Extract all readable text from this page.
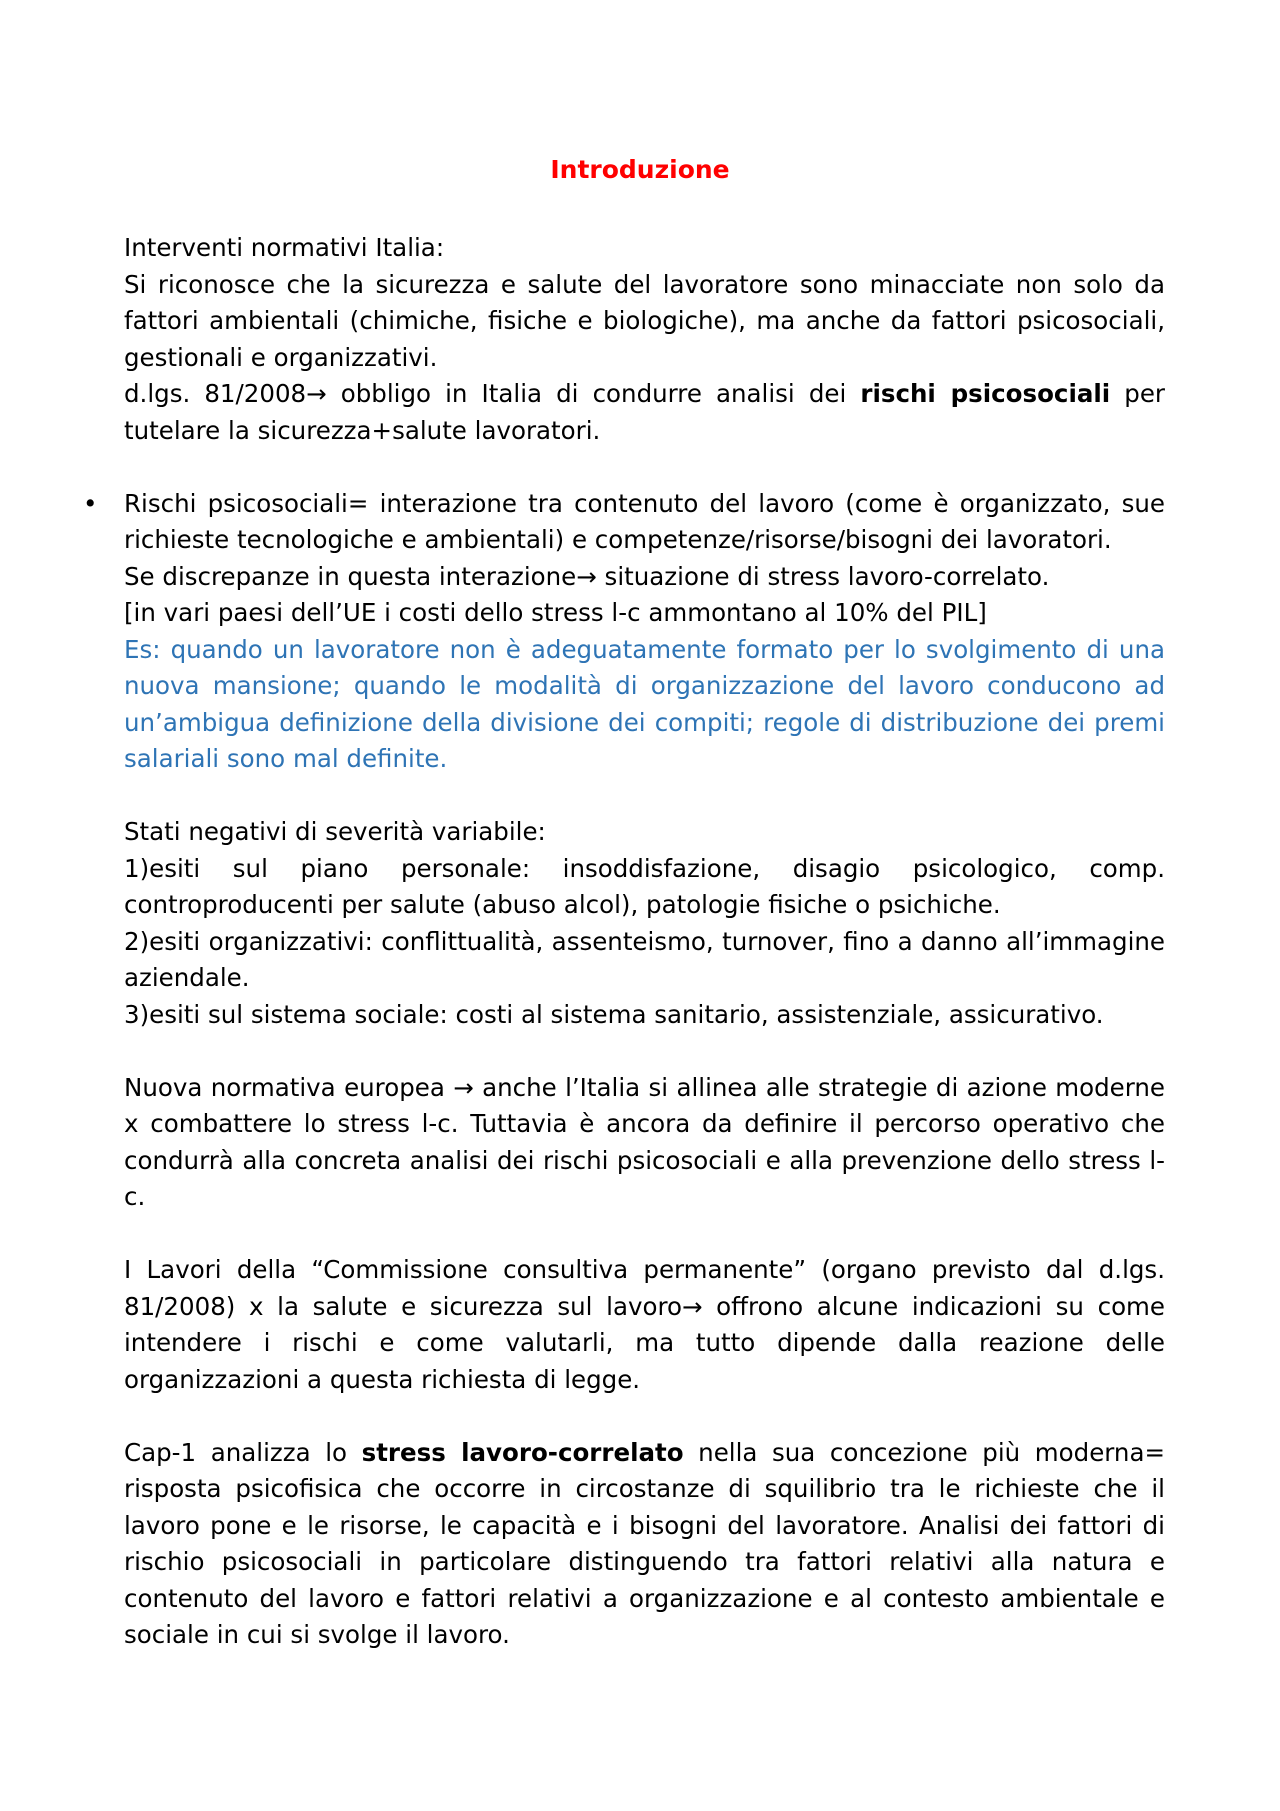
Introduzione

Interventi normativi Italia:

Si riconosce che la sicurezza e salute del lavoratore sono minacciate non solo da fattori ambientali (chimiche, fisiche e biologiche), ma anche da fattori psicosociali, gestionali e organizzativi.

d.lgs. 81/2008→ obbligo in Italia di condurre analisi dei rischi psicosociali per tutelare la sicurezza+salute lavoratori.

• Rischi psicosociali= interazione tra contenuto del lavoro (come è organizzato, sue richieste tecnologiche e ambientali) e competenze/risorse/bisogni dei lavoratori.

Se discrepanze in questa interazione→ situazione di stress lavoro-correlato.

[in vari paesi dell’UE i costi dello stress l-c ammontano al 10% del PIL]

Es: quando un lavoratore non è adeguatamente formato per lo svolgimento di una nuova mansione; quando le modalità di organizzazione del lavoro conducono ad un’ambigua definizione della divisione dei compiti; regole di distribuzione dei premi salariali sono mal definite.

Stati negativi di severità variabile:

1)esiti sul piano personale: insoddisfazione, disagio psicologico, comp. controproducenti per salute (abuso alcol), patologie fisiche o psichiche.

2)esiti organizzativi: conflittualità, assenteismo, turnover, fino a danno all’immagine aziendale.

3)esiti sul sistema sociale: costi al sistema sanitario, assistenziale, assicurativo.

Nuova normativa europea → anche l’Italia si allinea alle strategie di azione moderne x combattere lo stress l-c. Tuttavia è ancora da definire il percorso operativo che condurrà alla concreta analisi dei rischi psicosociali e alla prevenzione dello stress l-c.

I Lavori della “Commissione consultiva permanente” (organo previsto dal d.lgs. 81/2008) x la salute e sicurezza sul lavoro→ offrono alcune indicazioni su come intendere i rischi e come valutarli, ma tutto dipende dalla reazione delle organizzazioni a questa richiesta di legge.

Cap-1 analizza lo stress lavoro-correlato nella sua concezione più moderna= risposta psicofisica che occorre in circostanze di squilibrio tra le richieste che il lavoro pone e le risorse, le capacità e i bisogni del lavoratore. Analisi dei fattori di rischio psicosociali in particolare distinguendo tra fattori relativi alla natura e contenuto del lavoro e fattori relativi a organizzazione e al contesto ambientale e sociale in cui si svolge il lavoro.
